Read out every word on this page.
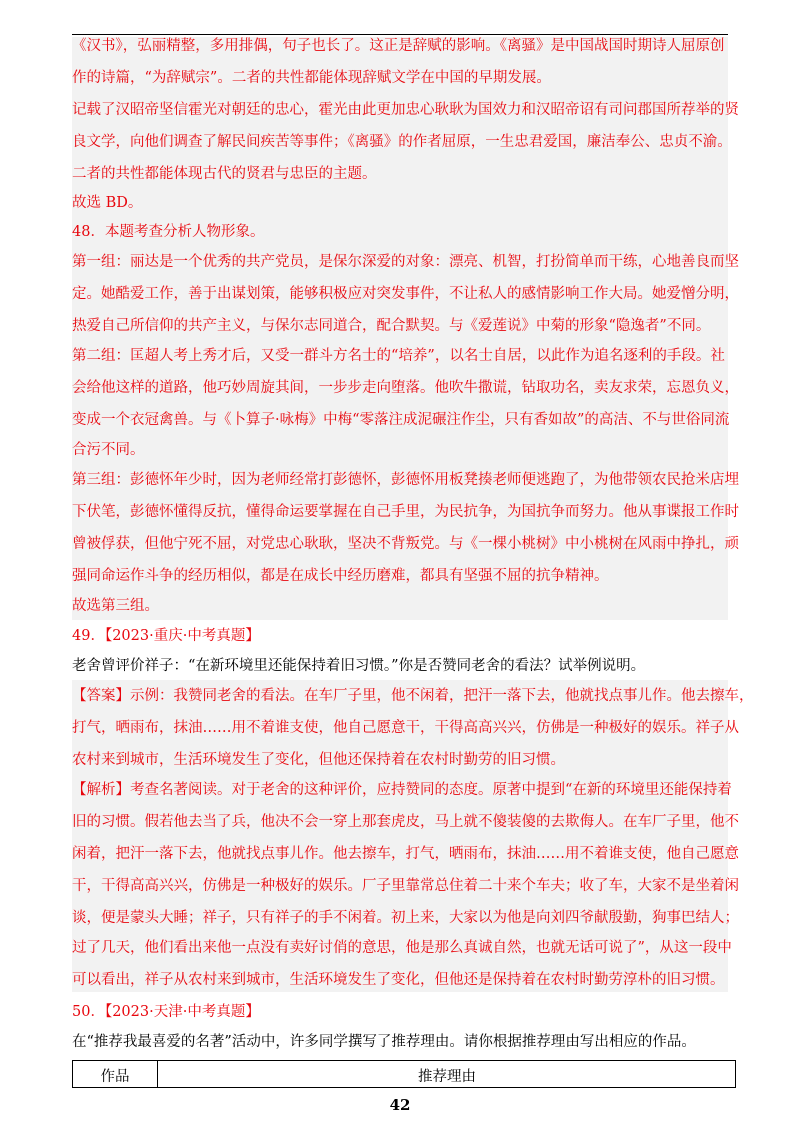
《汉书》，弘丽精整，多用排偶，句子也长了。这正是辞赋的影响。《离骚》是中国战国时期诗人屈原创
作的诗篇，“为辞赋宗”。二者的共性都能体现辞赋文学在中国的早期发展。
记载了汉昭帝坚信霍光对朝廷的忠心，霍光由此更加忠心耿耿为国效力和汉昭帝诏有司问郡国所荐举的贤
良文学，向他们调查了解民间疾苦等事件；《离骚》的作者屈原，一生忠君爱国，廉洁奉公、忠贞不渝。
二者的共性都能体现古代的贤君与忠臣的主题。
故选 BD。
48．本题考查分析人物形象。
第一组：丽达是一个优秀的共产党员，是保尔深爱的对象：漂亮、机智，打扮简单而干练，心地善良而坚
定。她酷爱工作，善于出谋划策，能够积极应对突发事件，不让私人的感情影响工作大局。她爱憎分明，
热爱自己所信仰的共产主义，与保尔志同道合，配合默契。与《爱莲说》中菊的形象“隐逸者”不同。
第二组：匡超人考上秀才后，又受一群斗方名士的“培养”，以名士自居，以此作为追名逐利的手段。社
会给他这样的道路，他巧妙周旋其间，一步步走向堕落。他吹牛撒谎，钻取功名，卖友求荣，忘恩负义，
变成一个衣冠禽兽。与《卜算子·咏梅》中梅“零落注成泥碾注作尘，只有香如故”的高洁、不与世俗同流
合污不同。
第三组：彭德怀年少时，因为老师经常打彭德怀，彭德怀用板凳揍老师便逃跑了，为他带领农民抢米店埋
下伏笔，彭德怀懂得反抗，懂得命运要掌握在自己手里，为民抗争，为国抗争而努力。他从事谍报工作时
曾被俘获，但他宁死不屈，对党忠心耿耿，坚决不背叛党。与《一棵小桃树》中小桃树在风雨中挣扎，顽
强同命运作斗争的经历相似，都是在成长中经历磨难，都具有坚强不屈的抗争精神。
故选第三组。
49．【2023·重庆·中考真题】
老舍曾评价祥子：“在新环境里还能保持着旧习惯。”你是否赞同老舍的看法？试举例说明。
【答案】示例：我赞同老舍的看法。在车厂子里，他不闲着，把汗一落下去，他就找点事儿作。他去擦车，
打气，晒雨布，抹油……用不着谁支使，他自己愿意干，干得高高兴兴，仿佛是一种极好的娱乐。祥子从
农村来到城市，生活环境发生了变化，但他还保持着在农村时勤劳的旧习惯。
【解析】考查名著阅读。对于老舍的这种评价，应持赞同的态度。原著中提到“在新的环境里还能保持着
旧的习惯。假若他去当了兵，他决不会一穿上那套虎皮，马上就不傻装傻的去欺侮人。在车厂子里，他不
闲着，把汗一落下去，他就找点事儿作。他去擦车，打气，晒雨布，抹油……用不着谁支使，他自己愿意
干，干得高高兴兴，仿佛是一种极好的娱乐。厂子里靠常总住着二十来个车夫；收了车，大家不是坐着闲
谈，便是蒙头大睡；祥子，只有祥子的手不闲着。初上来，大家以为他是向刘四爷献殷勤，狗事巴结人；
过了几天，他们看出来他一点没有卖好讨俏的意思，他是那么真诚自然，也就无话可说了”，从这一段中
可以看出，祥子从农村来到城市，生活环境发生了变化，但他还是保持着在农村时勤劳淳朴的旧习惯。
50．【2023·天津·中考真题】
在“推荐我最喜爱的名著”活动中，许多同学撰写了推荐理由。请你根据推荐理由写出相应的作品。
作品	推荐理由
42
